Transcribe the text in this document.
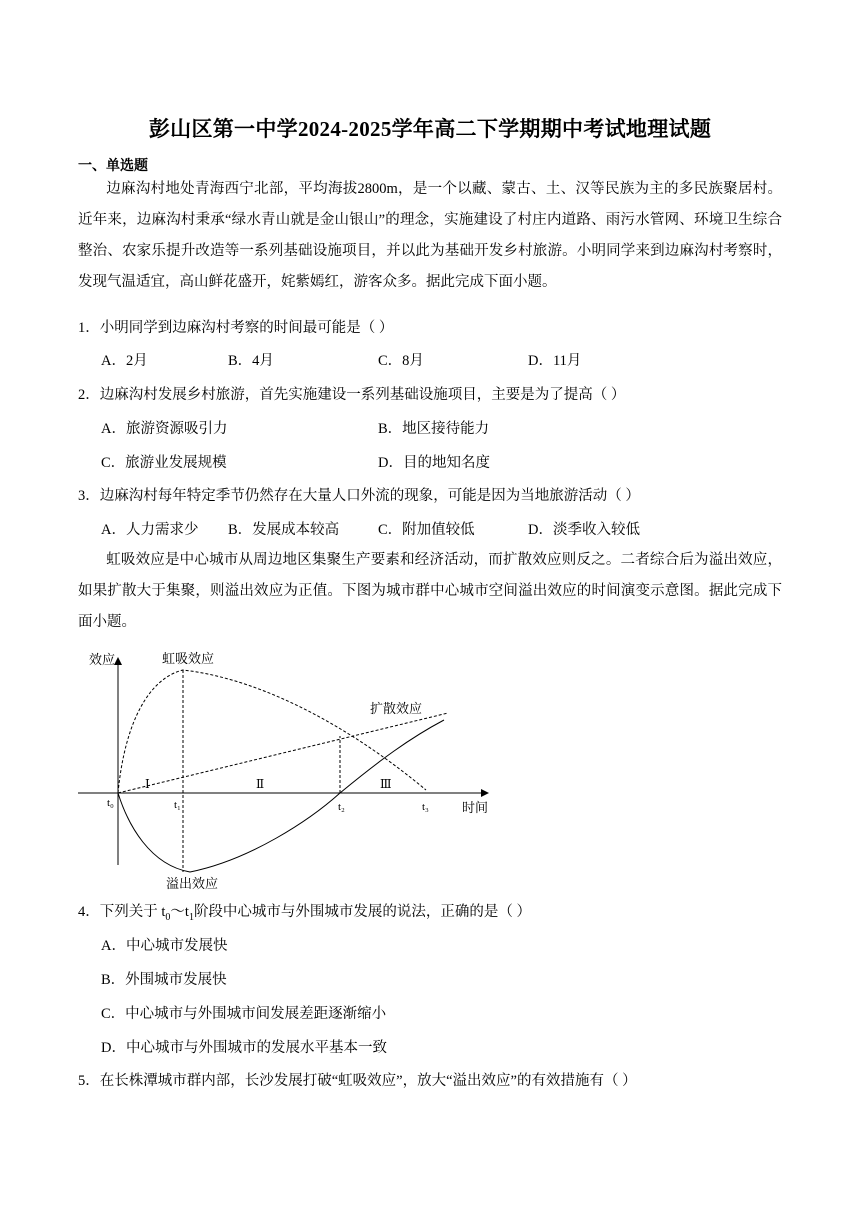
彭山区第一中学2024-2025学年高二下学期期中考试地理试题
一、单选题
边麻沟村地处青海西宁北部，平均海拔2800m，是一个以藏、蒙古、土、汉等民族为主的多民族聚居村。近年来，边麻沟村秉承“绿水青山就是金山银山”的理念，实施建设了村庄内道路、雨污水管网、环境卫生综合整治、农家乐提升改造等一系列基础设施项目，并以此为基础开发乡村旅游。小明同学来到边麻沟村考察时，发现气温适宜，高山鲜花盛开，姹紫嫣红，游客众多。据此完成下面小题。
1．小明同学到边麻沟村考察的时间最可能是（ ）
A．2月	B．4月	C．8月	D．11月
2．边麻沟村发展乡村旅游，首先实施建设一系列基础设施项目，主要是为了提高（ ）
A．旅游资源吸引力	B．地区接待能力
C．旅游业发展规模	D．目的地知名度
3．边麻沟村每年特定季节仍然存在大量人口外流的现象，可能是因为当地旅游活动（ ）
A．人力需求少 B．发展成本较高	C．附加值较低	D．淡季收入较低
虹吸效应是中心城市从周边地区集聚生产要素和经济活动，而扩散效应则反之。二者综合后为溢出效应，如果扩散大于集聚，则溢出效应为正值。下图为城市群中心城市空间溢出效应的时间演变示意图。据此完成下面小题。
效应
时间
虹吸效应
扩散效应
溢出效应
t₀	t₁	t₂	t₃
Ⅰ	Ⅱ	Ⅲ
4．下列关于 $t_0\sim t_1$阶段中心城市与外围城市发展的说法，正确的是（ ）
A．中心城市发展快
B．外围城市发展快
C．中心城市与外围城市间发展差距逐渐缩小
D．中心城市与外围城市的发展水平基本一致
5．在长株潭城市群内部，长沙发展打破“虹吸效应”，放大“溢出效应”的有效措施有（ ）
